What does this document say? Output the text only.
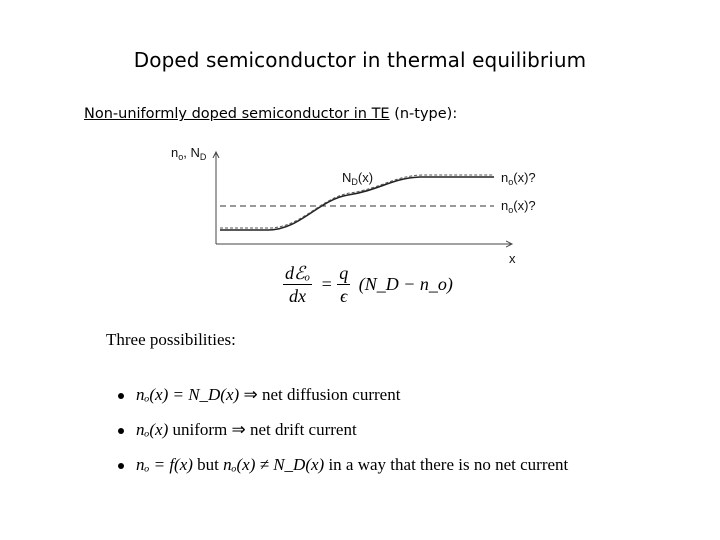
Doped semiconductor in thermal equilibrium
Non-uniformly doped semiconductor in TE (n-type):
$n_o$, $N_D$
x
$N_D(x)$	$n_o(x)$?
$n_o(x)$?
$\frac{\text{dℰₒ}}{dx} = \frac{q}{\epsilon}$ (N_D − n_o)
Three possibilities:
nₒ(x) = N_D(x) ⇒ net diffusion current
nₒ(x) uniform ⇒ net drift current
nₒ = f(x) but nₒ(x) ≠ N_D(x) in a way that there is no net current
